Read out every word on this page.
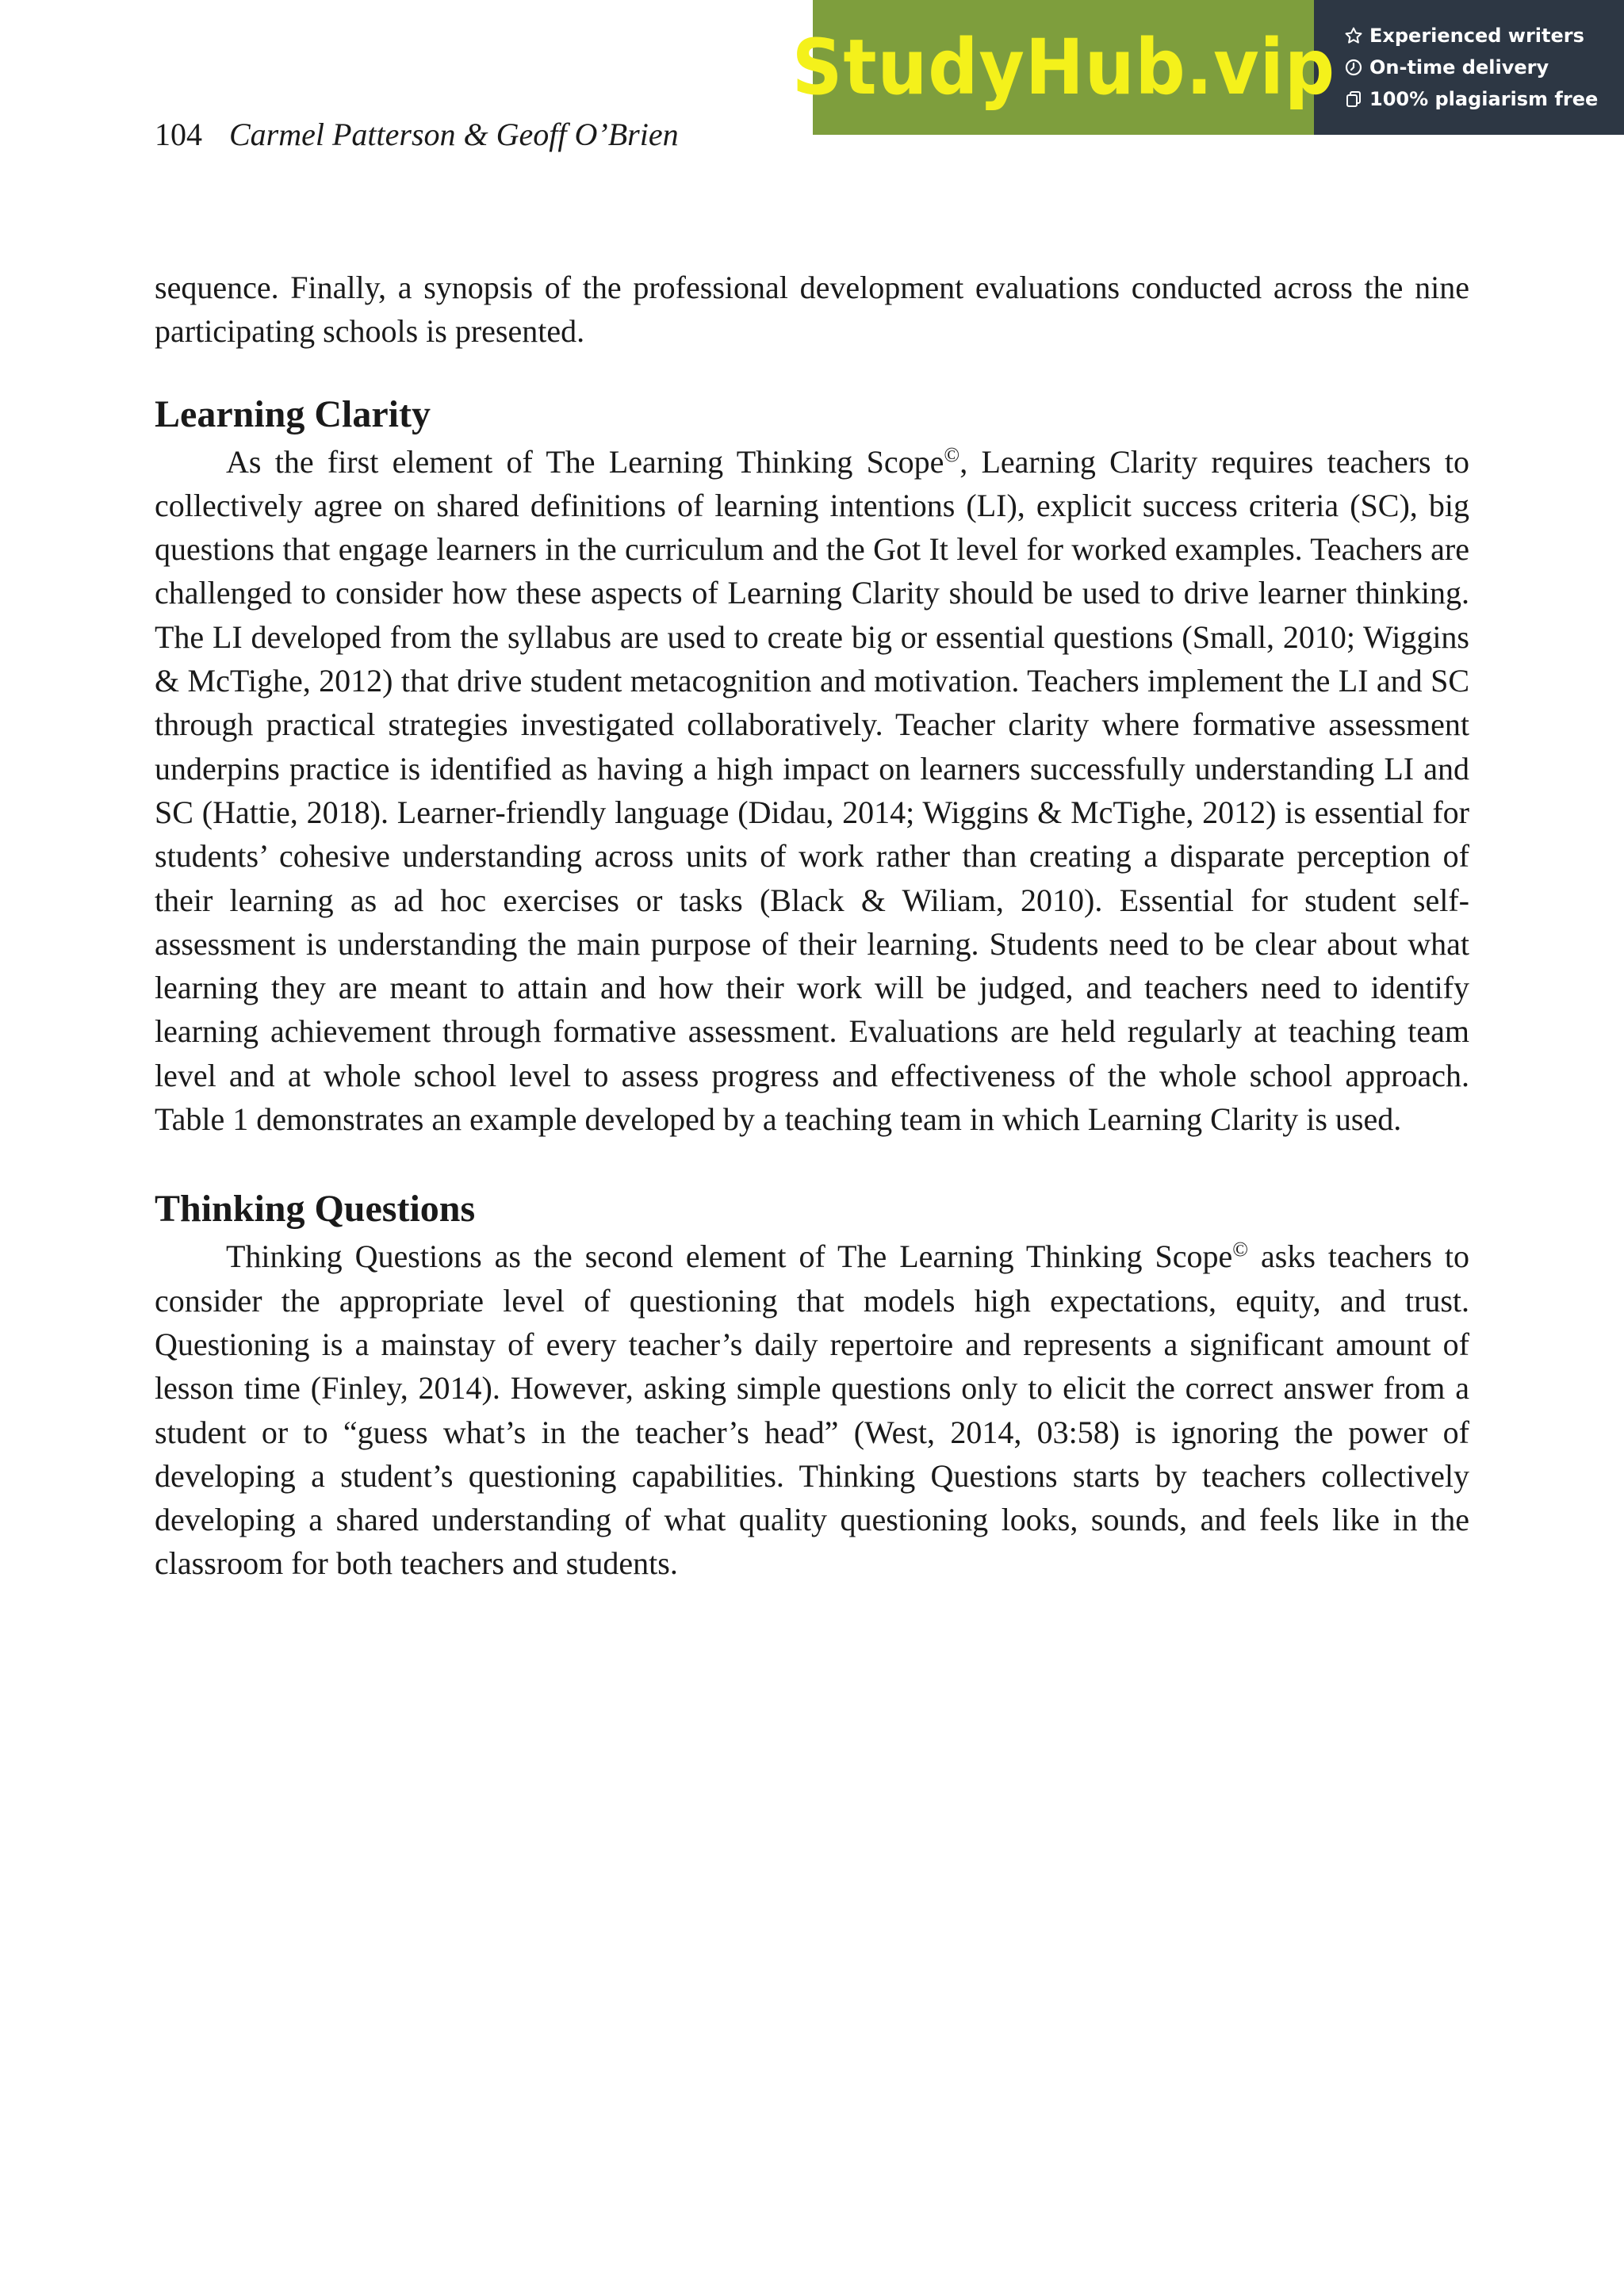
StudyHub.vip Experienced writers
On-time delivery
100% plagiarism free
104 Carmel Patterson & Geoff O’Brien

sequence. Finally, a synopsis of the professional development evaluations conducted across the nine participating schools is presented.

Learning Clarity

As the first element of The Learning Thinking Scope©, Learning Clarity requires teachers to collectively agree on shared definitions of learning intentions (LI), explicit success criteria (SC), big questions that engage learners in the curriculum and the Got It level for worked examples. Teachers are challenged to consider how these aspects of Learning Clarity should be used to drive learner thinking. The LI developed from the syllabus are used to create big or essential questions (Small, 2010; Wiggins & McTighe, 2012) that drive student metacognition and motivation. Teachers implement the LI and SC through practical strategies investigated collaboratively. Teacher clarity where formative assessment underpins practice is identified as having a high impact on learners successfully understanding LI and SC (Hattie, 2018). Learner-friendly language (Didau, 2014; Wiggins & McTighe, 2012) is essential for students’ cohesive understanding across units of work rather than creating a disparate perception of their learning as ad hoc exercises or tasks (Black & Wiliam, 2010). Essential for student self-assessment is understanding the main purpose of their learning. Students need to be clear about what learning they are meant to attain and how their work will be judged, and teachers need to identify learning achievement through formative assessment. Evaluations are held regularly at teaching team level and at whole school level to assess progress and effectiveness of the whole school approach. Table 1 demonstrates an example developed by a teaching team in which Learning Clarity is used.

Thinking Questions

Thinking Questions as the second element of The Learning Thinking Scope© asks teachers to consider the appropriate level of questioning that models high expectations, equity, and trust. Questioning is a mainstay of every teacher’s daily repertoire and represents a significant amount of lesson time (Finley, 2014). However, asking simple questions only to elicit the correct answer from a student or to “guess what’s in the teacher’s head” (West, 2014, 03:58) is ignoring the power of developing a student’s questioning capabilities. Thinking Questions starts by teachers collectively developing a shared understanding of what quality questioning looks, sounds, and feels like in the classroom for both teachers and students.
